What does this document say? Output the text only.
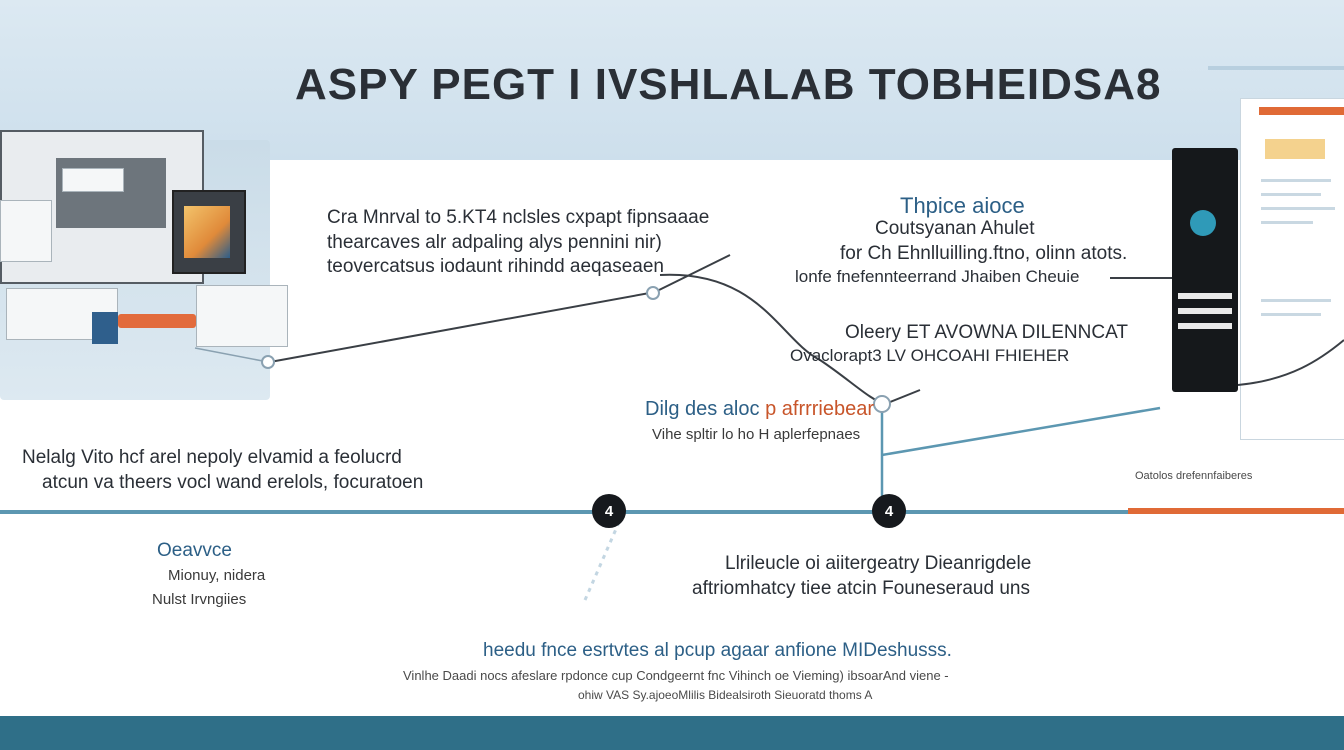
ASPY PEGT I IVSHLALAB TOBHEIDSA8
Cra Mnrval to 5.KT4 nclsles cxpapt fipnsaaae
thearcaves alr adpaling alys pennini nir)
teovercatsus iodaunt rihindd aeqaseaen
Thpice aioce
Coutsyanan Ahulet
for Ch Ehnlluilling.ftno, olinn atots.
lonfe fnefennteerrand Jhaiben Cheuie
Oleery ET AVOWNA DILENNCAT
Ovaclorapt3 LV OHCOAHI FHIEHER
Dilg des aloc p afrrriebear
Vihe spltir lo ho H aplerfepnaes
Nelalg Vito hcf arel nepoly elvamid a feolucrd
atcun va theers vocl wand erelols, focuratoen	Oatolos drefennfaiberes
4	4
Oeavvce
Mionuy, nidera
Nulst Irvngiies
Llrileucle oi aiitergeatry Dieanrigdele
aftriomhatcy tiee atcin Founeseraud uns
heedu fnce esrtvtes al pcup agaar anfione MIDeshusss.
Vinlhe Daadi nocs afeslare rpdonce cup Condgeernt fnc Vihinch oe Vieming) ibsoarAnd viene -
ohiw VAS Sy.ajoeoMlilis Bidealsiroth Sieuoratd thoms A
